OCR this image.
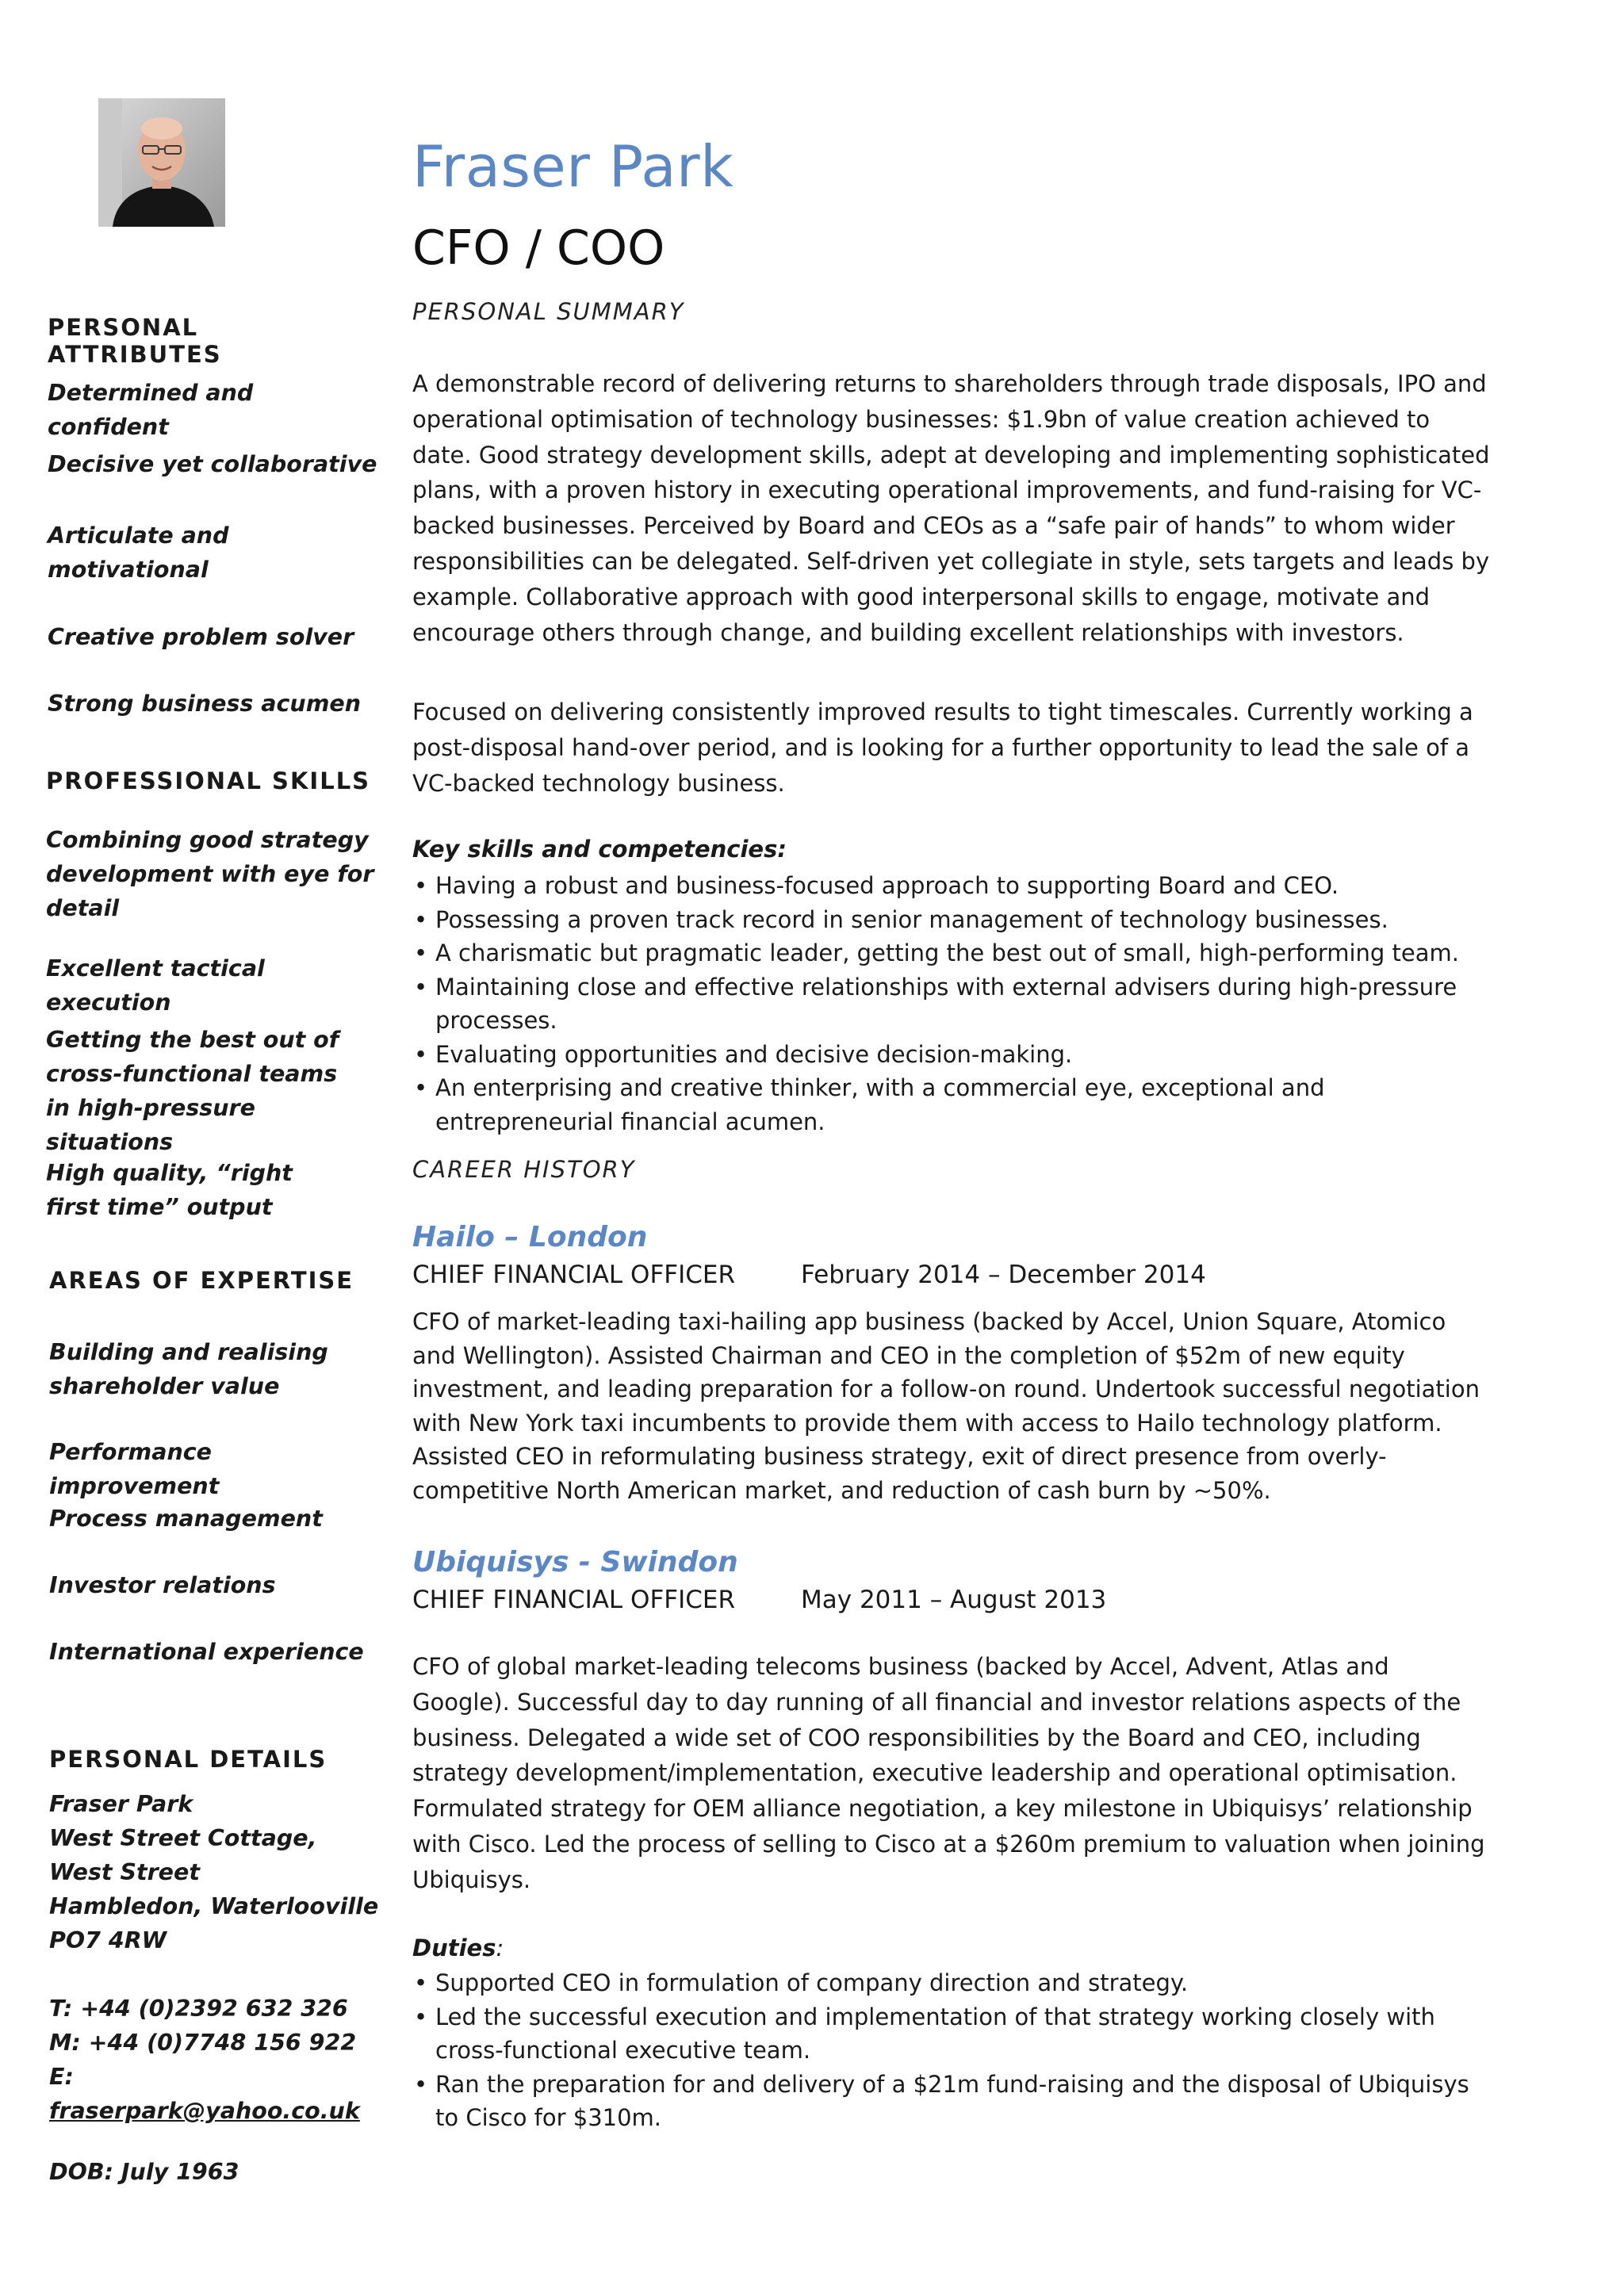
PERSONAL ATTRIBUTES
Determined and confident
Decisive yet collaborative
Articulate and motivational
Creative problem solver
Strong business acumen
PROFESSIONAL SKILLS
Combining good strategy development with eye for detail
Excellent tactical execution
Getting the best out of cross-functional teams in high-pressure situations
High quality, “right first time” output
AREAS OF EXPERTISE
Building and realising shareholder value
Performance improvement
Process management
Investor relations
International experience
PERSONAL DETAILS
Fraser Park
West Street Cottage, West Street
Hambledon, Waterlooville
PO7 4RW
T: +44 (0)2392 632 326
M: +44 (0)7748 156 922
E: fraserpark@yahoo.co.uk
DOB: July 1963
Fraser Park
CFO / COO
PERSONAL SUMMARY
A demonstrable record of delivering returns to shareholders through trade disposals, IPO and operational optimisation of technology businesses: $1.9bn of value creation achieved to date. Good strategy development skills, adept at developing and implementing sophisticated plans, with a proven history in executing operational improvements, and fund-raising for VC-backed businesses. Perceived by Board and CEOs as a “safe pair of hands” to whom wider responsibilities can be delegated. Self-driven yet collegiate in style, sets targets and leads by example. Collaborative approach with good interpersonal skills to engage, motivate and encourage others through change, and building excellent relationships with investors.
Focused on delivering consistently improved results to tight timescales. Currently working a post-disposal hand-over period, and is looking for a further opportunity to lead the sale of a VC-backed technology business.
Key skills and competencies:
• Having a robust and business-focused approach to supporting Board and CEO.
• Possessing a proven track record in senior management of technology businesses.
• A charismatic but pragmatic leader, getting the best out of small, high-performing team.
• Maintaining close and effective relationships with external advisers during high-pressure processes.
• Evaluating opportunities and decisive decision-making.
• An enterprising and creative thinker, with a commercial eye, exceptional and entrepreneurial financial acumen.
CAREER HISTORY
Hailo – London
CHIEF FINANCIAL OFFICER	February 2014 – December 2014
CFO of market-leading taxi-hailing app business (backed by Accel, Union Square, Atomico and Wellington). Assisted Chairman and CEO in the completion of $52m of new equity investment, and leading preparation for a follow-on round. Undertook successful negotiation with New York taxi incumbents to provide them with access to Hailo technology platform. Assisted CEO in reformulating business strategy, exit of direct presence from overly-competitive North American market, and reduction of cash burn by ~50%.
Ubiquisys - Swindon
CHIEF FINANCIAL OFFICER	May 2011 – August 2013
CFO of global market-leading telecoms business (backed by Accel, Advent, Atlas and Google). Successful day to day running of all financial and investor relations aspects of the business. Delegated a wide set of COO responsibilities by the Board and CEO, including strategy development/implementation, executive leadership and operational optimisation. Formulated strategy for OEM alliance negotiation, a key milestone in Ubiquisys’ relationship with Cisco. Led the process of selling to Cisco at a $260m premium to valuation when joining Ubiquisys.
Duties:
• Supported CEO in formulation of company direction and strategy.
• Led the successful execution and implementation of that strategy working closely with cross-functional executive team.
• Ran the preparation for and delivery of a $21m fund-raising and the disposal of Ubiquisys to Cisco for $310m.
